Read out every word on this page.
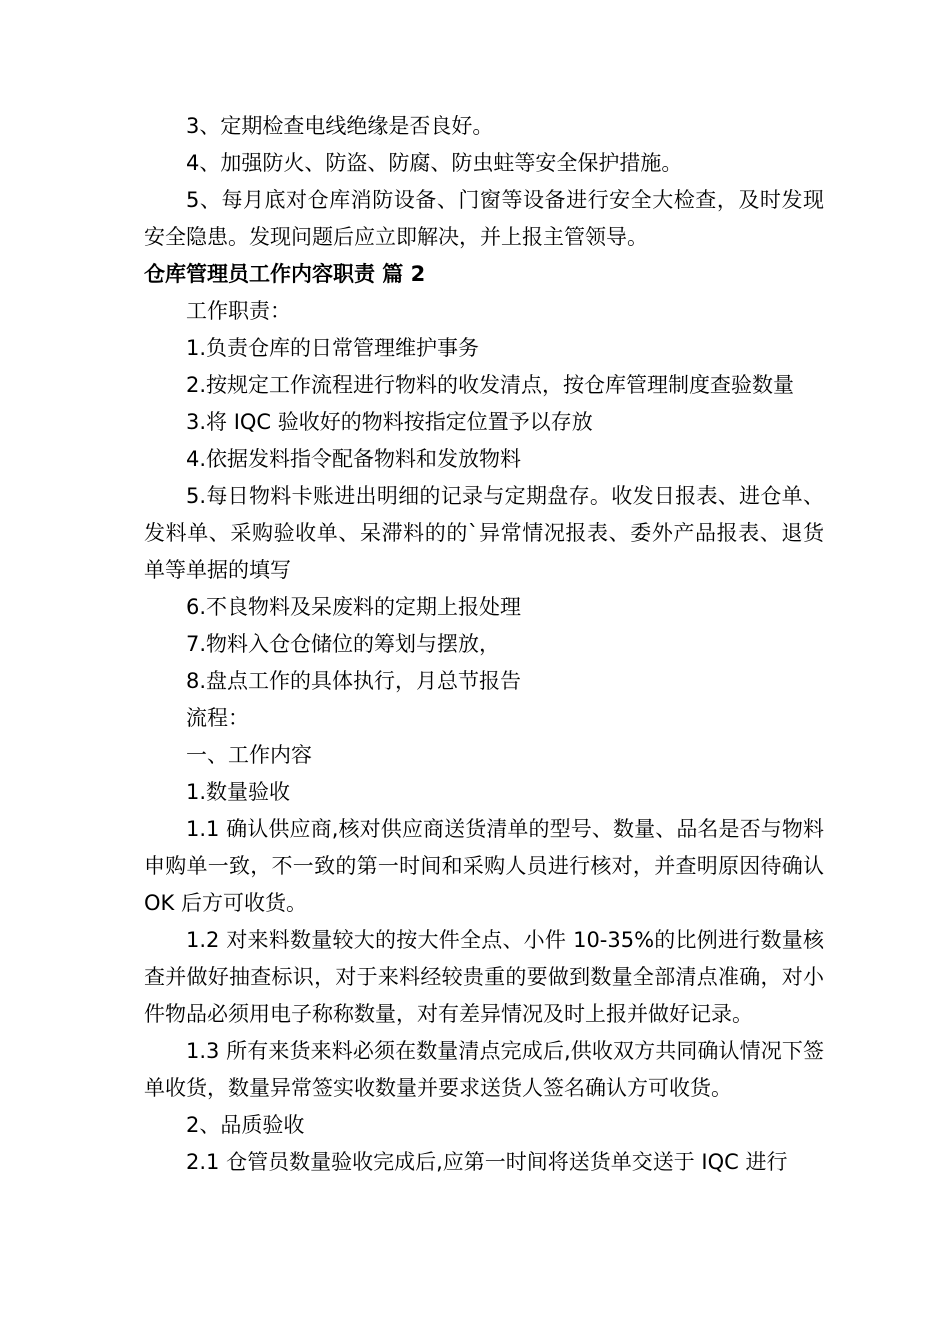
3、定期检查电线绝缘是否良好。

4、加强防火、防盗、防腐、防虫蛀等安全保护措施。

5、每月底对仓库消防设备、门窗等设备进行安全大检查，及时发现安全隐患。发现问题后应立即解决，并上报主管领导。

仓库管理员工作内容职责 篇 2

工作职责：

1.负责仓库的日常管理维护事务

2.按规定工作流程进行物料的收发清点，按仓库管理制度查验数量

3.将 IQC 验收好的物料按指定位置予以存放

4.依据发料指令配备物料和发放物料

5.每日物料卡账进出明细的记录与定期盘存。收发日报表、进仓单、发料单、采购验收单、呆滞料的的`异常情况报表、委外产品报表、退货单等单据的填写

6.不良物料及呆废料的定期上报处理

7.物料入仓仓储位的筹划与摆放，

8.盘点工作的具体执行，月总节报告

流程：

一、工作内容

1.数量验收

1.1 确认供应商,核对供应商送货清单的型号、数量、品名是否与物料申购单一致，不一致的第一时间和采购人员进行核对，并查明原因待确认 OK 后方可收货。

1.2 对来料数量较大的按大件全点、小件 10-35%的比例进行数量核查并做好抽查标识，对于来料经较贵重的要做到数量全部清点准确，对小件物品必须用电子称称数量，对有差异情况及时上报并做好记录。

1.3 所有来货来料必须在数量清点完成后,供收双方共同确认情况下签单收货，数量异常签实收数量并要求送货人签名确认方可收货。

2、品质验收

2.1 仓管员数量验收完成后,应第一时间将送货单交送于 IQC 进行
